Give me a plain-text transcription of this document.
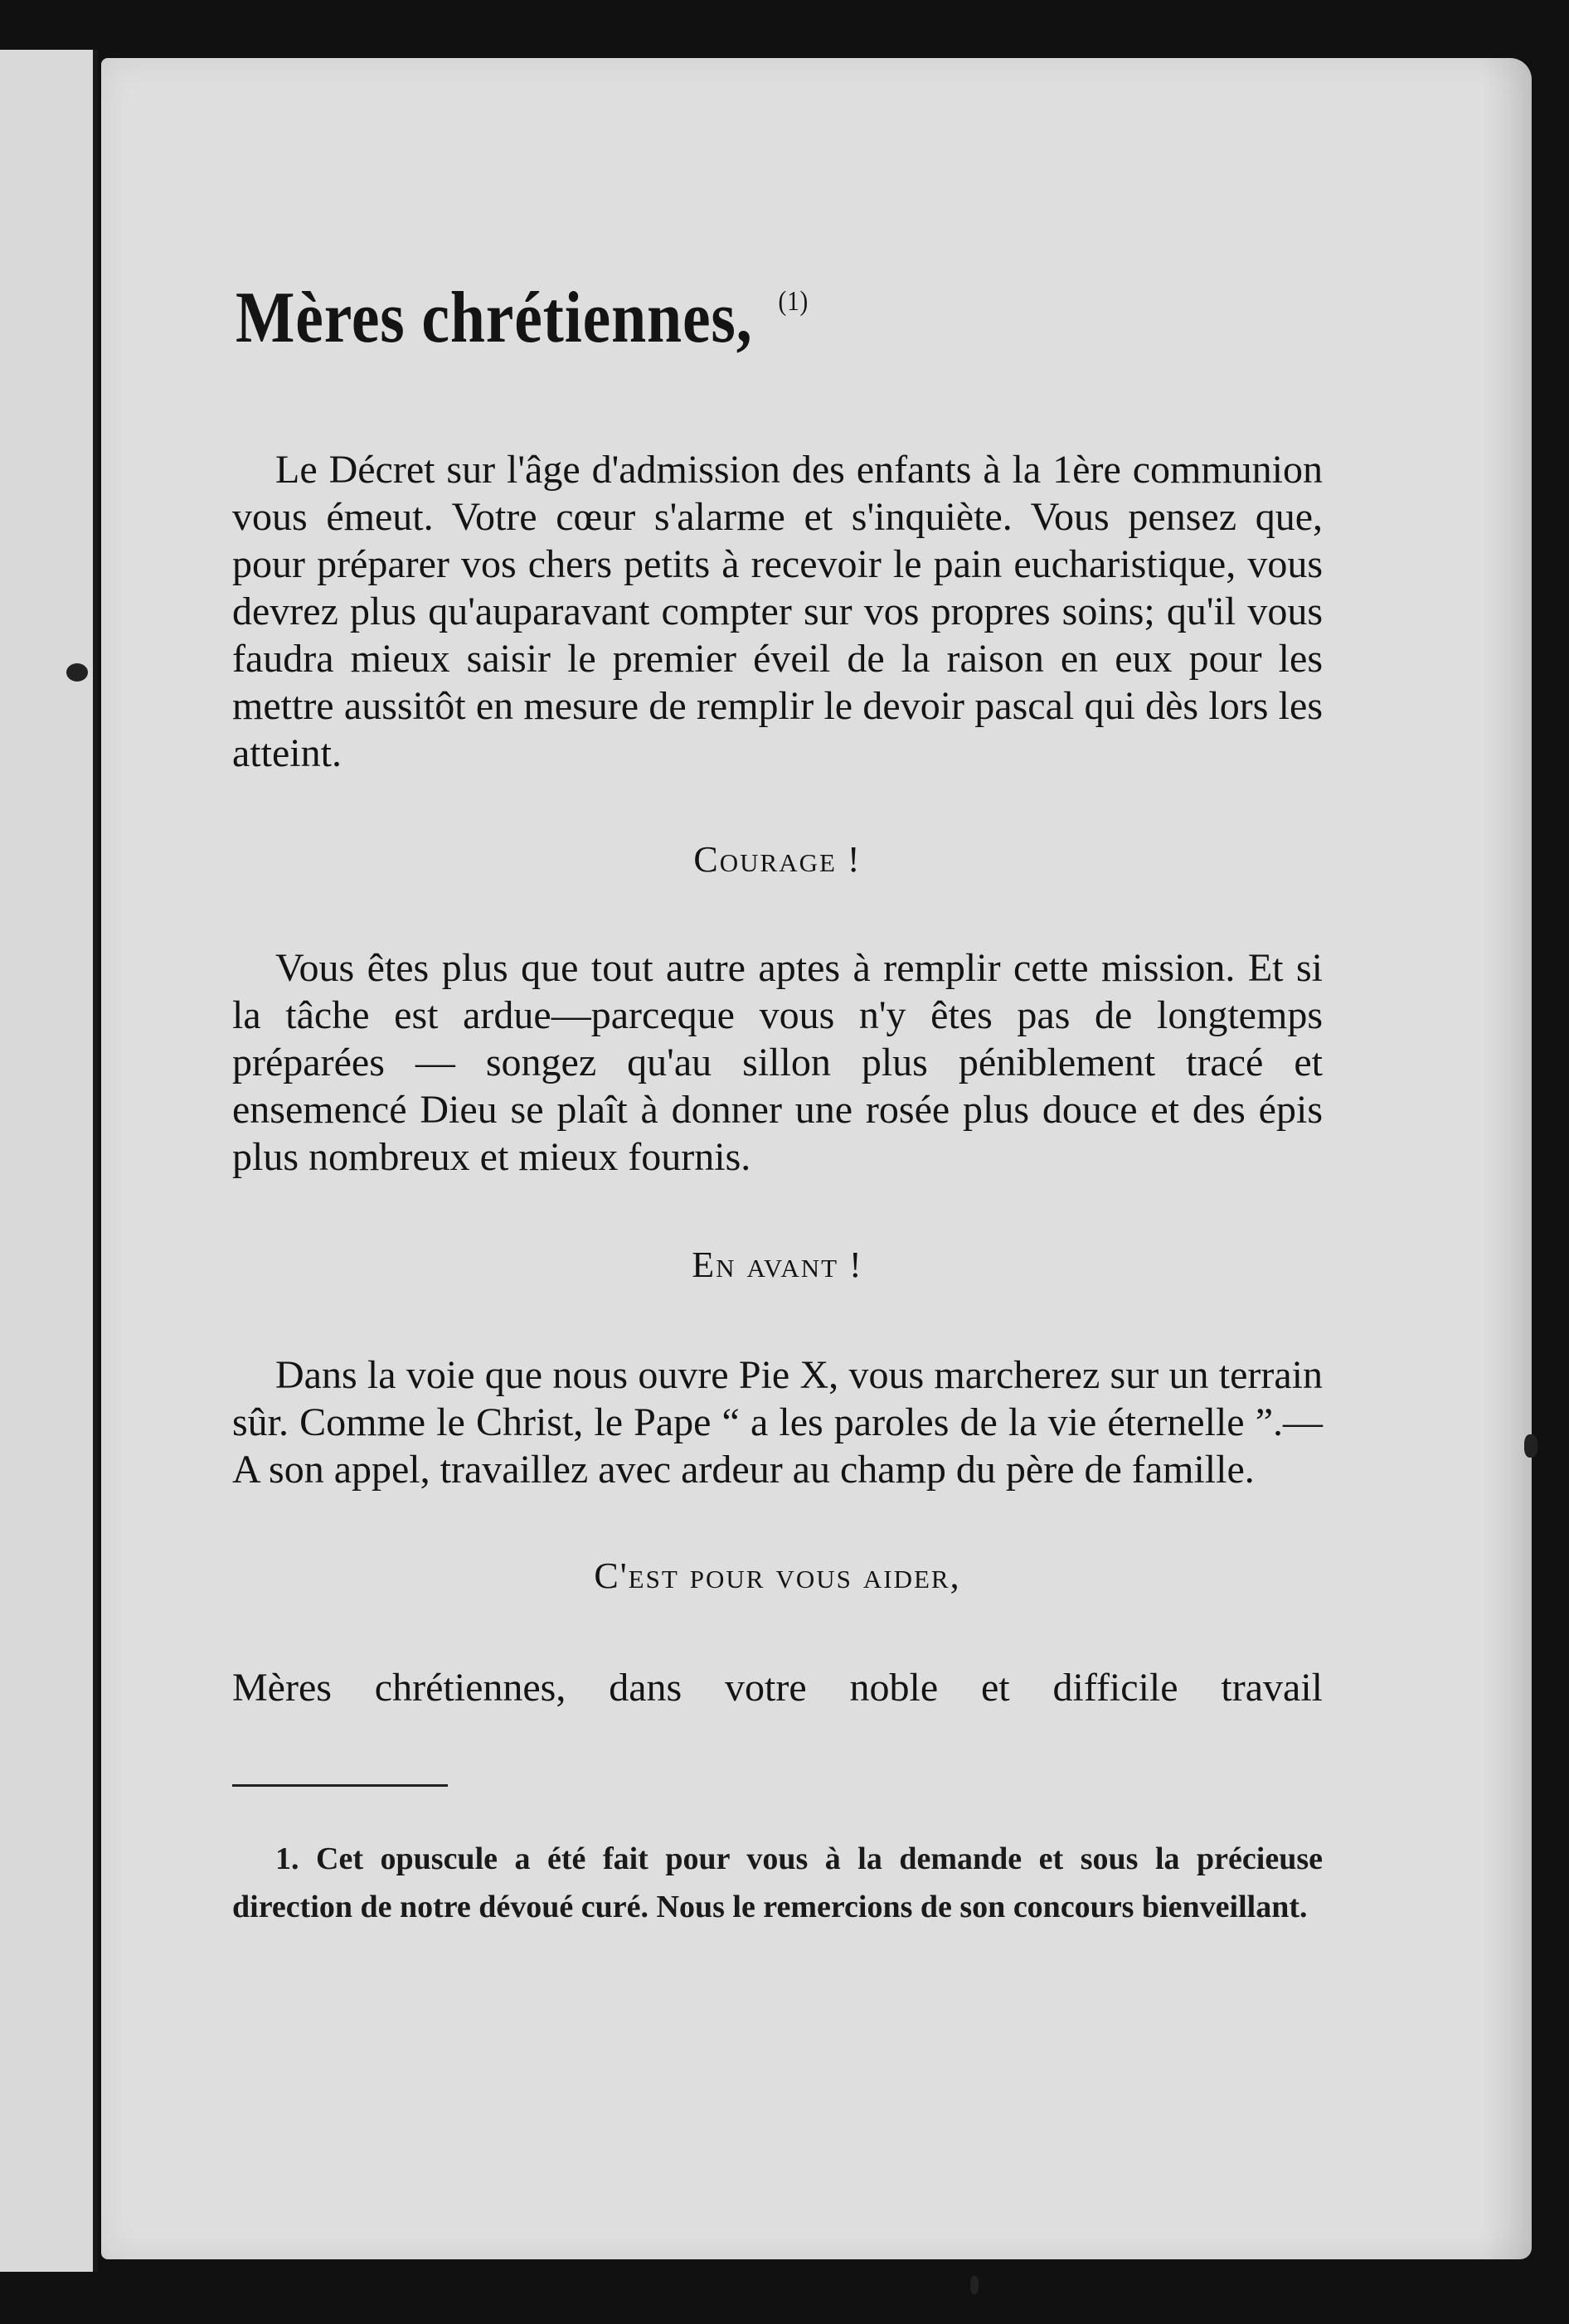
Mères chrétiennes, $^{(1)}$

Le Décret sur l'âge d'admission des enfants à la 1ère communion vous émeut. Votre cœur s'alarme et s'inquiète. Vous pensez que, pour préparer vos chers petits à recevoir le pain eucharistique, vous devrez plus qu'auparavant compter sur vos propres soins; qu'il vous faudra mieux saisir le premier éveil de la raison en eux pour les mettre aussitôt en mesure de remplir le devoir pascal qui dès lors les atteint.

Courage !

Vous êtes plus que tout autre aptes à remplir cette mission. Et si la tâche est ardue—parceque vous n'y êtes pas de longtemps préparées — songez qu'au sillon plus péniblement tracé et ensemencé Dieu se plaît à donner une rosée plus douce et des épis plus nombreux et mieux fournis.

En avant !

Dans la voie que nous ouvre Pie X, vous marcherez sur un terrain sûr. Comme le Christ, le Pape “ a les paroles de la vie éternelle ”.—A son appel, travaillez avec ardeur au champ du père de famille.

C'est pour vous aider,

Mères chrétiennes, dans votre noble et difficile travail

1. Cet opuscule a été fait pour vous à la demande et sous la précieuse direction de notre dévoué curé. Nous le remercions de son concours bienveillant.
